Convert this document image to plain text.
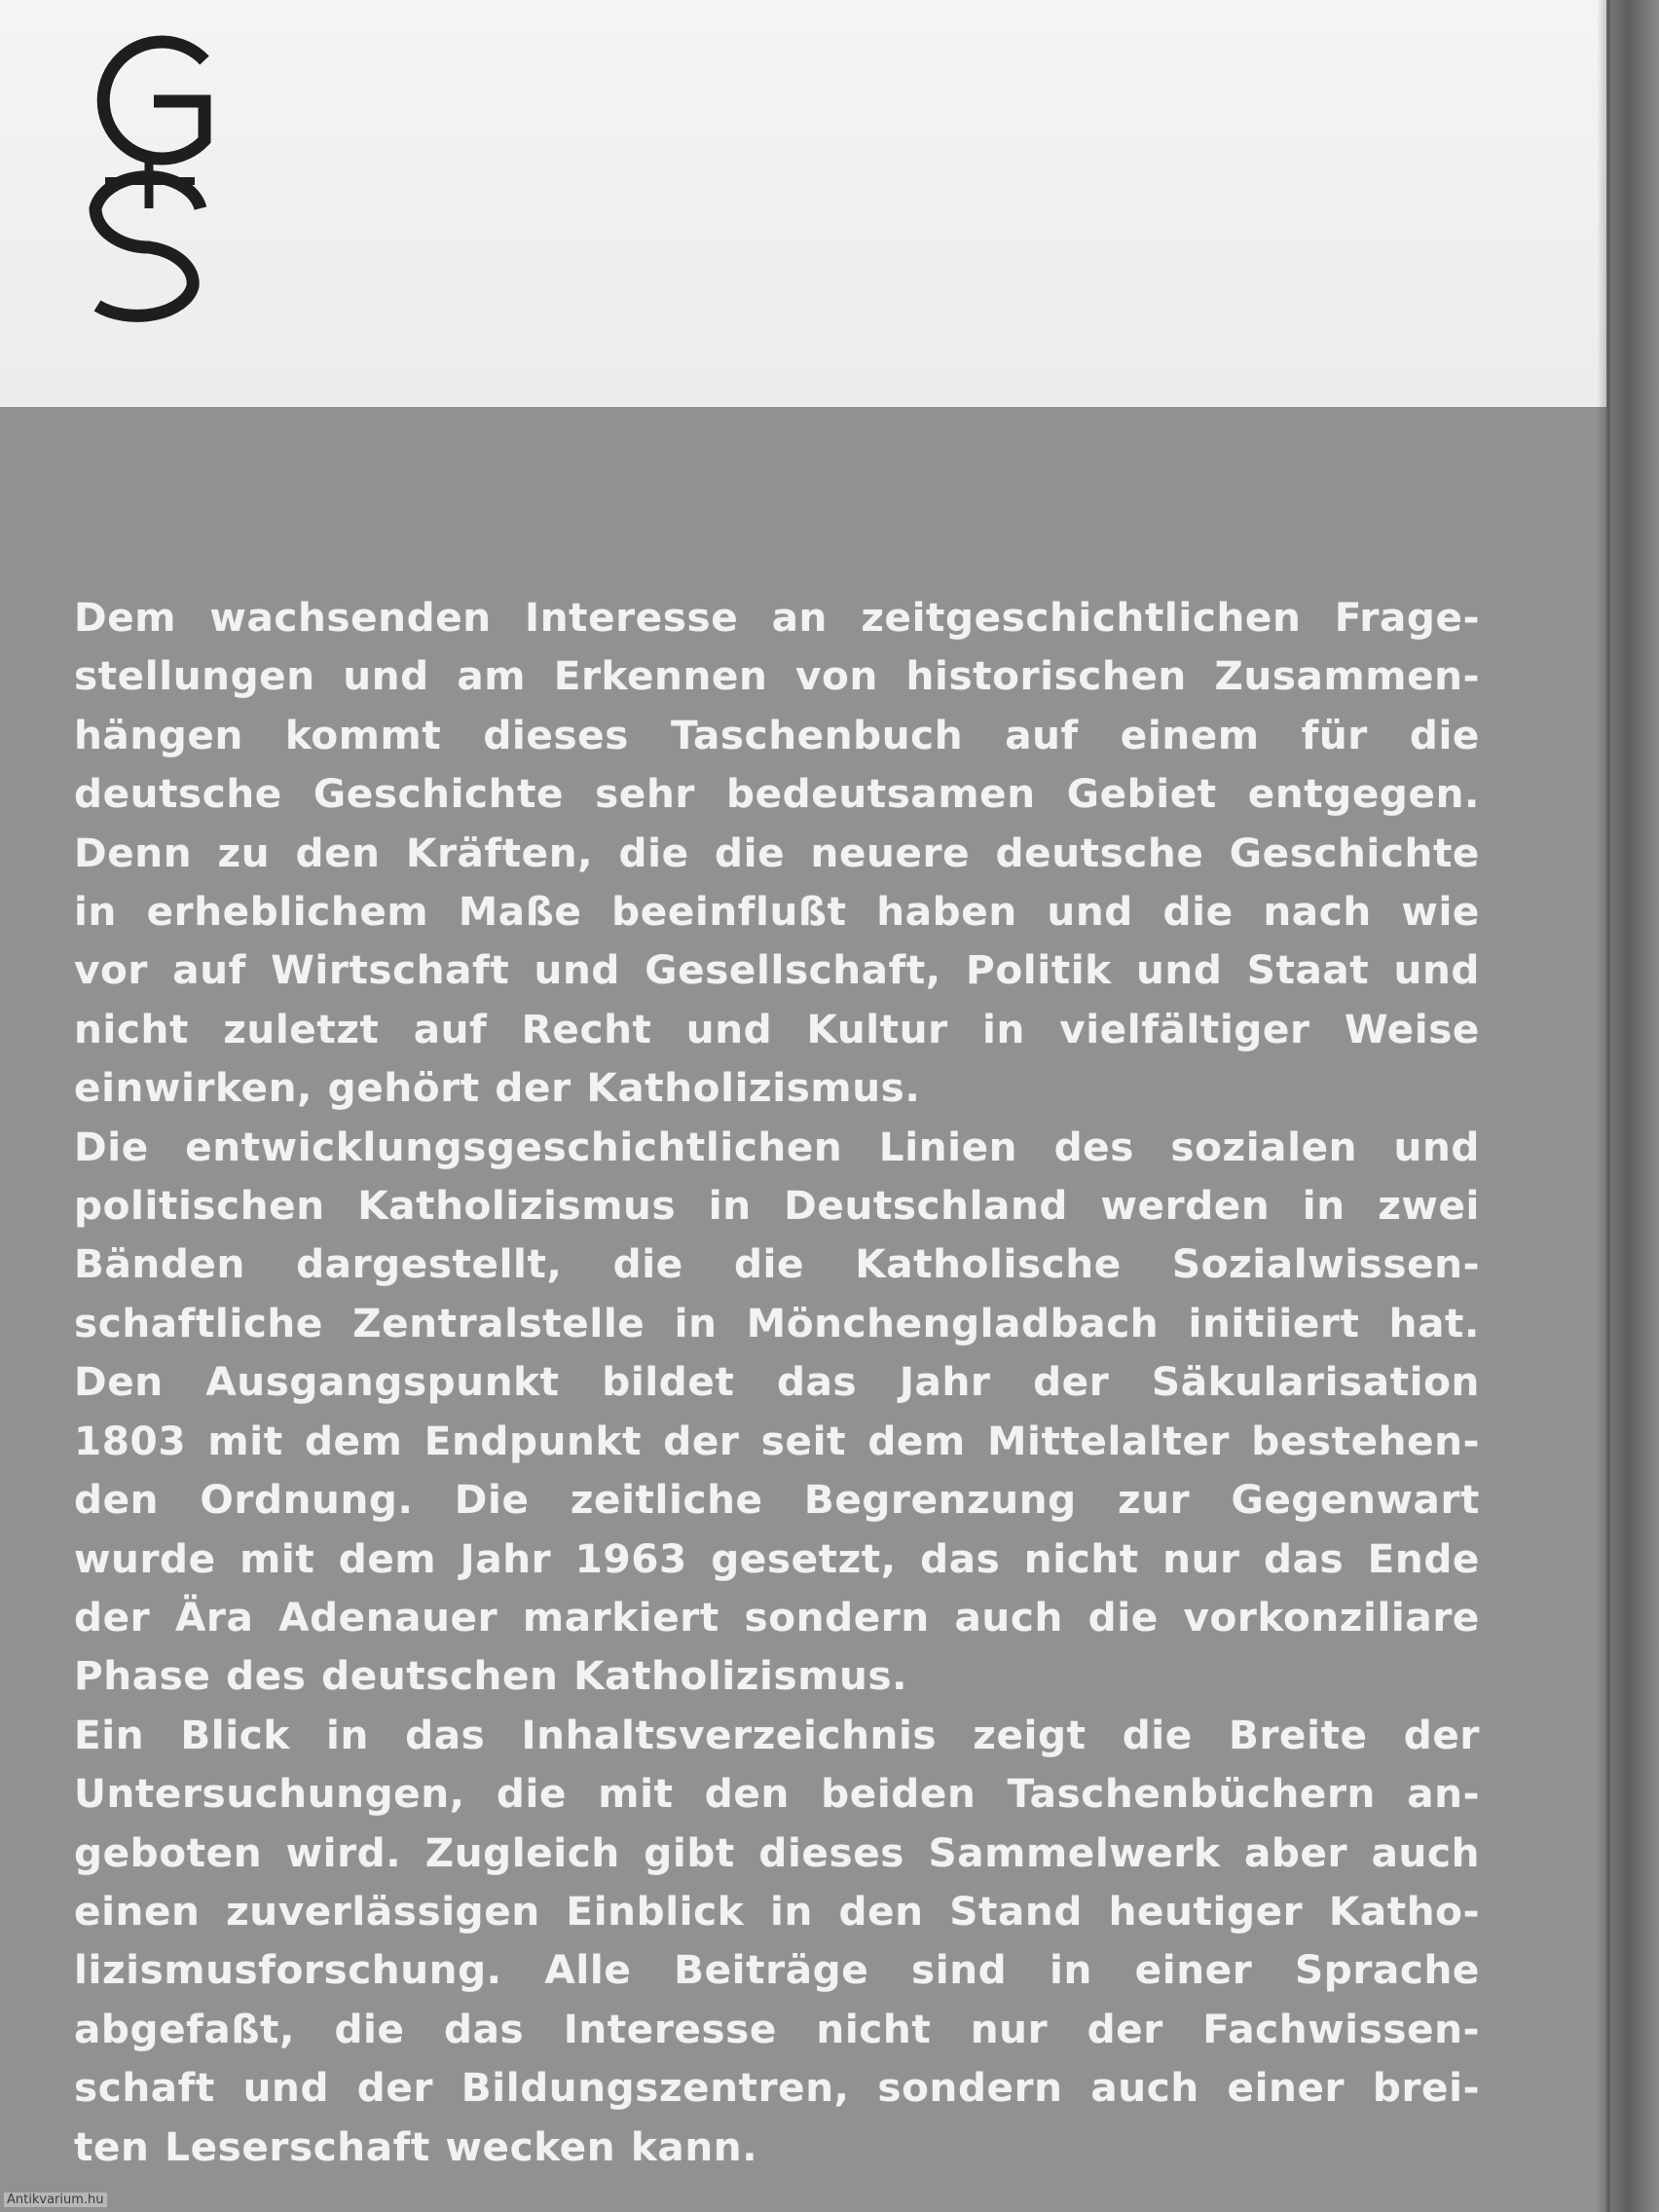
Dem wachsenden Interesse an zeitgeschichtlichen Frage-
stellungen und am Erkennen von historischen Zusammen-
hängen kommt dieses Taschenbuch auf einem für die
deutsche Geschichte sehr bedeutsamen Gebiet entgegen.
Denn zu den Kräften, die die neuere deutsche Geschichte
in erheblichem Maße beeinflußt haben und die nach wie
vor auf Wirtschaft und Gesellschaft, Politik und Staat und
nicht zuletzt auf Recht und Kultur in vielfältiger Weise
einwirken, gehört der Katholizismus.
Die entwicklungsgeschichtlichen Linien des sozialen und
politischen Katholizismus in Deutschland werden in zwei
Bänden dargestellt, die die Katholische Sozialwissen-
schaftliche Zentralstelle in Mönchengladbach initiiert hat.
Den Ausgangspunkt bildet das Jahr der Säkularisation
1803 mit dem Endpunkt der seit dem Mittelalter bestehen-
den Ordnung. Die zeitliche Begrenzung zur Gegenwart
wurde mit dem Jahr 1963 gesetzt, das nicht nur das Ende
der Ära Adenauer markiert sondern auch die vorkonziliare
Phase des deutschen Katholizismus.
Ein Blick in das Inhaltsverzeichnis zeigt die Breite der
Untersuchungen, die mit den beiden Taschenbüchern an-
geboten wird. Zugleich gibt dieses Sammelwerk aber auch
einen zuverlässigen Einblick in den Stand heutiger Katho-
lizismusforschung. Alle Beiträge sind in einer Sprache
abgefaßt, die das Interesse nicht nur der Fachwissen-
schaft und der Bildungszentren, sondern auch einer brei-
ten Leserschaft wecken kann.
Antikvarium.hu
